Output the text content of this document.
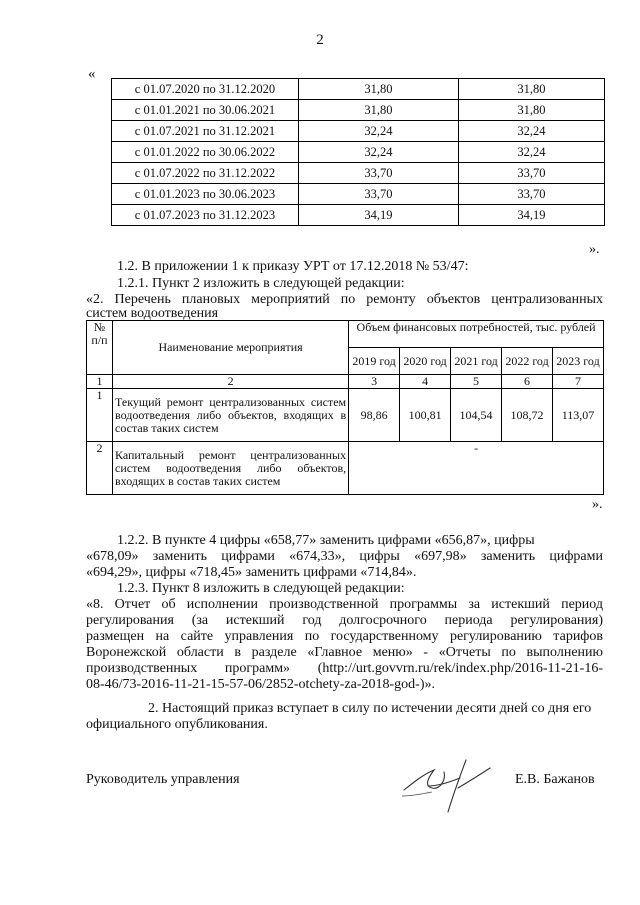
2
«
с 01.07.2020 по 31.12.2020	31,80	31,80
с 01.01.2021 по 30.06.2021	31,80	31,80
с 01.07.2021 по 31.12.2021	32,24	32,24
с 01.01.2022 по 30.06.2022	32,24	32,24
с 01.07.2022 по 31.12.2022	33,70	33,70
с 01.01.2023 по 30.06.2023	33,70	33,70
с 01.07.2023 по 31.12.2023	34,19	34,19
».
1.2. В приложении 1 к приказу УРТ от 17.12.2018 № 53/47:
1.2.1. Пункт 2 изложить в следующей редакции:
«2. Перечень плановых мероприятий по ремонту объектов централизованных
систем водоотведения
№ п/п	Наименование мероприятия	Объем финансовых потребностей, тыс. рублей				
		2019 год	2020 год	2021 год	2022 год	2023 год
1	2	3	4	5	6	7
1	Текущий ремонт централизованных систем водоотведения либо объектов, входящих в состав таких систем	98,86	100,81	104,54	108,72	113,07
2	Капитальный ремонт централизованных систем водоотведения либо объектов, входящих в состав таких систем	-				
».
1.2.2. В пункте 4 цифры «658,77» заменить цифрами «656,87», цифры
«678,09» заменить цифрами «674,33», цифры «697,98» заменить цифрами
«694,29», цифры «718,45» заменить цифрами «714,84».
1.2.3. Пункт 8 изложить в следующей редакции:
«8. Отчет об исполнении производственной программы за истекший период
регулирования (за истекший год долгосрочного периода регулирования)
размещен на сайте управления по государственному регулированию тарифов
Воронежской области в разделе «Главное меню» - «Отчеты по выполнению
производственных программ» (http://urt.govvrn.ru/rek/index.php/2016-11-21-16-
08-46/73-2016-11-21-15-57-06/2852-otchety-za-2018-god-)».
2. Настоящий приказ вступает в силу по истечении десяти дней со дня его
официального опубликования.
Руководитель управления	Е.В. Бажанов
